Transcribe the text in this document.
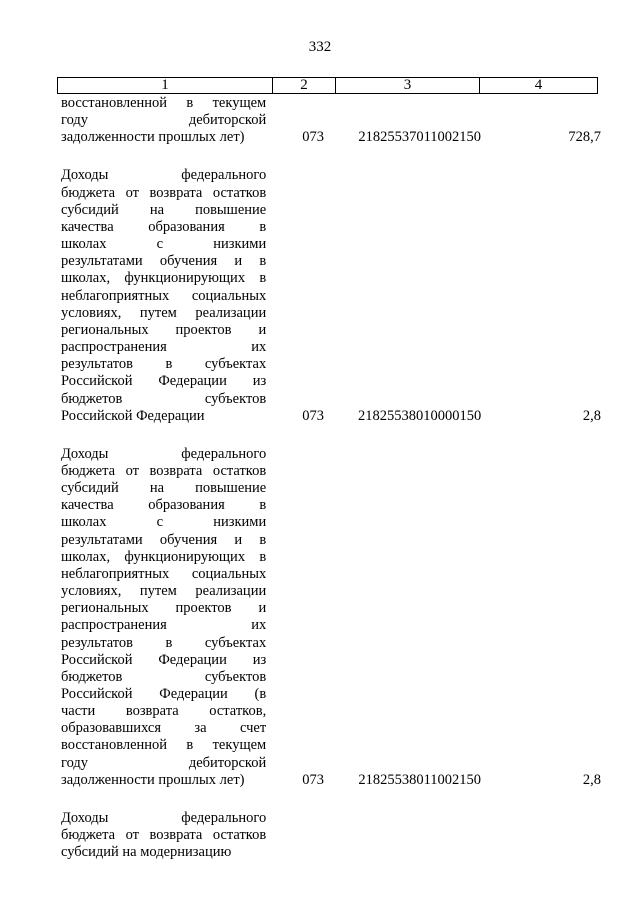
332
1	2	3	4
восстановленной в текущем
году дебиторской
задолженности прошлых лет)	073	21825537011002150	728,7
Доходы федерального
бюджета от возврата остатков
субсидий на повышение
качества образования в
школах с низкими
результатами обучения и в
школах, функционирующих в
неблагоприятных социальных
условиях, путем реализации
региональных проектов и
распространения их
результатов в субъектах
Российской Федерации из
бюджетов субъектов
Российской Федерации	073	21825538010000150	2,8
Доходы федерального
бюджета от возврата остатков
субсидий на повышение
качества образования в
школах с низкими
результатами обучения и в
школах, функционирующих в
неблагоприятных социальных
условиях, путем реализации
региональных проектов и
распространения их
результатов в субъектах
Российской Федерации из
бюджетов субъектов
Российской Федерации (в
части возврата остатков,
образовавшихся за счет
восстановленной в текущем
году дебиторской
задолженности прошлых лет)	073	21825538011002150	2,8
Доходы федерального
бюджета от возврата остатков
субсидий на модернизацию
